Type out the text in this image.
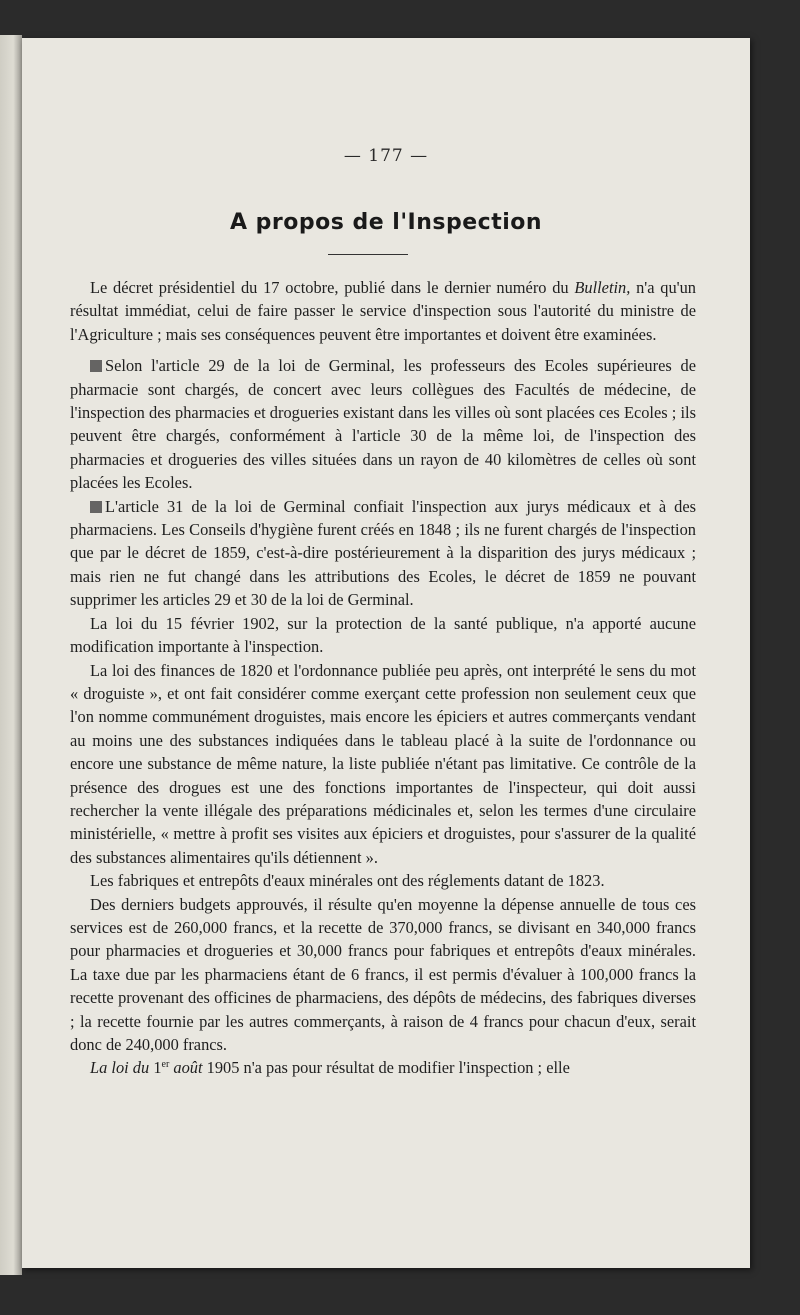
— 177 —
A propos de l'Inspection

Le décret présidentiel du 17 octobre, publié dans le dernier numéro du Bulletin, n'a qu'un résultat immédiat, celui de faire passer le service d'inspection sous l'autorité du ministre de l'Agriculture ; mais ses conséquences peuvent être importantes et doivent être examinées.

Selon l'article 29 de la loi de Germinal, les professeurs des Ecoles supérieures de pharmacie sont chargés, de concert avec leurs collègues des Facultés de médecine, de l'inspection des pharmacies et drogueries existant dans les villes où sont placées ces Ecoles ; ils peuvent être chargés, conformément à l'article 30 de la même loi, de l'inspection des pharmacies et drogueries des villes situées dans un rayon de 40 kilomètres de celles où sont placées les Ecoles.

L'article 31 de la loi de Germinal confiait l'inspection aux jurys médicaux et à des pharmaciens. Les Conseils d'hygiène furent créés en 1848 ; ils ne furent chargés de l'inspection que par le décret de 1859, c'est-à-dire postérieurement à la disparition des jurys médicaux ; mais rien ne fut changé dans les attributions des Ecoles, le décret de 1859 ne pouvant supprimer les articles 29 et 30 de la loi de Germinal.

La loi du 15 février 1902, sur la protection de la santé publique, n'a apporté aucune modification importante à l'inspection.

La loi des finances de 1820 et l'ordonnance publiée peu après, ont interprété le sens du mot « droguiste », et ont fait considérer comme exerçant cette profession non seulement ceux que l'on nomme communément droguistes, mais encore les épiciers et autres commerçants vendant au moins une des substances indiquées dans le tableau placé à la suite de l'ordonnance ou encore une substance de même nature, la liste publiée n'étant pas limitative. Ce contrôle de la présence des drogues est une des fonctions importantes de l'inspecteur, qui doit aussi rechercher la vente illégale des préparations médicinales et, selon les termes d'une circulaire ministérielle, « mettre à profit ses visites aux épiciers et droguistes, pour s'assurer de la qualité des substances alimentaires qu'ils détiennent ».

Les fabriques et entrepôts d'eaux minérales ont des réglements datant de 1823.

Des derniers budgets approuvés, il résulte qu'en moyenne la dépense annuelle de tous ces services est de 260,000 francs, et la recette de 370,000 francs, se divisant en 340,000 francs pour pharmacies et drogueries et 30,000 francs pour fabriques et entrepôts d'eaux minérales. La taxe due par les pharmaciens étant de 6 francs, il est permis d'évaluer à 100,000 francs la recette provenant des officines de pharmaciens, des dépôts de médecins, des fabriques diverses ; la recette fournie par les autres commerçants, à raison de 4 francs pour chacun d'eux, serait donc de 240,000 francs.

La loi du 1er août 1905 n'a pas pour résultat de modifier l'inspection ; elle
